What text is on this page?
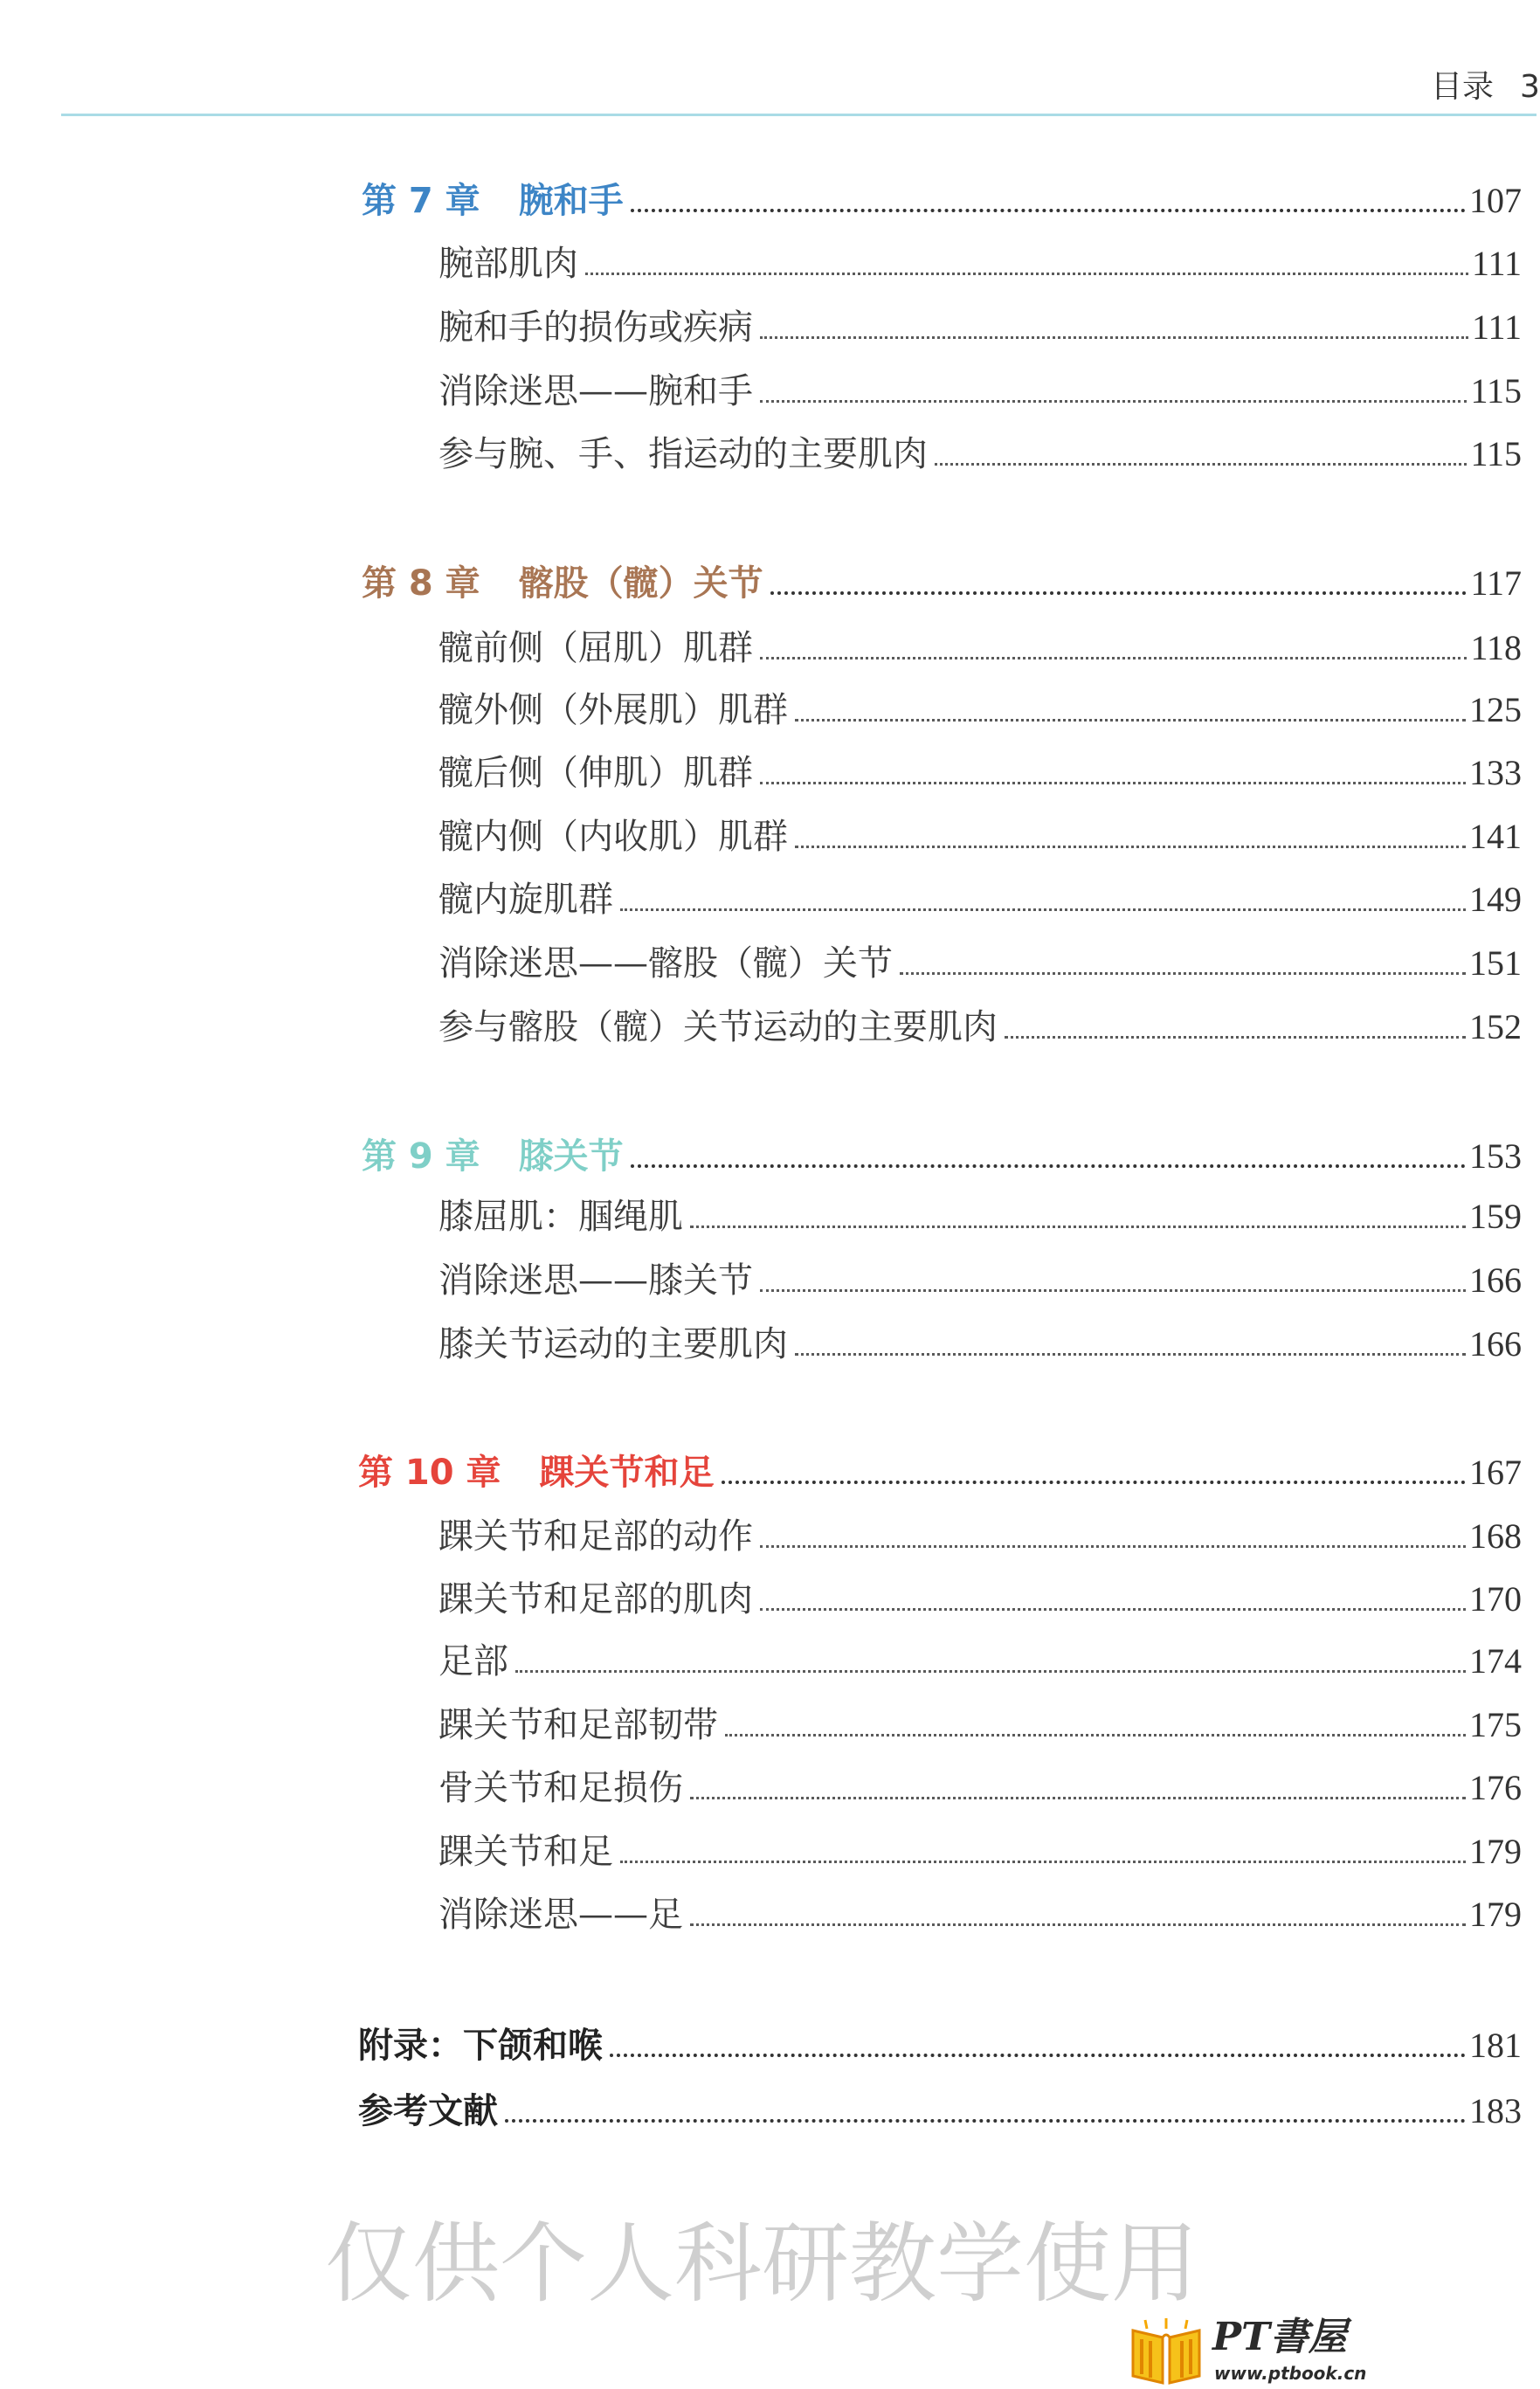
目录 3
第 7 章 腕和手	107
腕部肌肉	111
腕和手的损伤或疾病	111
消除迷思——腕和手	115
参与腕、手、指运动的主要肌肉	115
第 8 章 髂股（髋）关节	117
髋前侧（屈肌）肌群	118
髋外侧（外展肌）肌群	125
髋后侧（伸肌）肌群	133
髋内侧（内收肌）肌群	141
髋内旋肌群	149
消除迷思——髂股（髋）关节	151
参与髂股（髋）关节运动的主要肌肉	152
第 9 章 膝关节	153
膝屈肌：腘绳肌	159
消除迷思——膝关节	166
膝关节运动的主要肌肉	166
第 10 章 踝关节和足	167
踝关节和足部的动作	168
踝关节和足部的肌肉	170
足部	174
踝关节和足部韧带	175
骨关节和足损伤	176
踝关节和足	179
消除迷思——足	179
附录：下颌和喉	181
参考文献	183
仅供个人科研教学使用
PT書屋
www.ptbook.cn
